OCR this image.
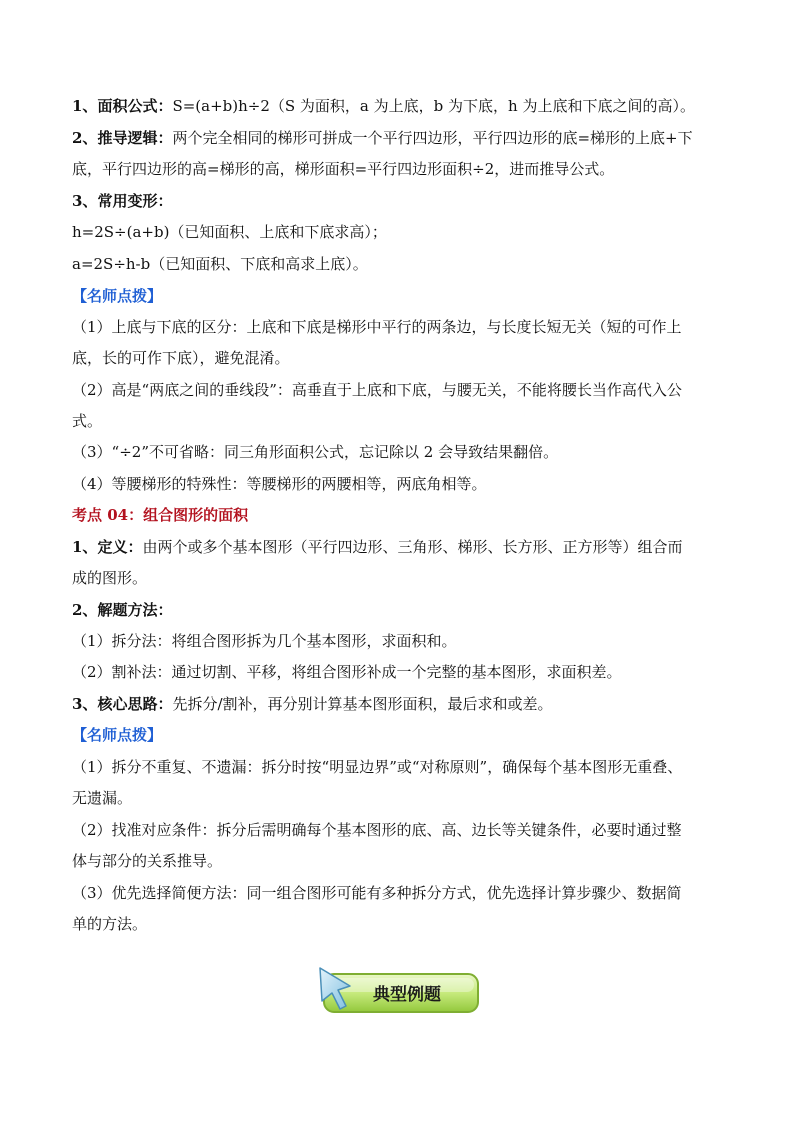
1、面积公式：S=(a+b)h÷2（S 为面积，a 为上底，b 为下底，h 为上底和下底之间的高）。
2、推导逻辑：两个完全相同的梯形可拼成一个平行四边形，平行四边形的底=梯形的上底+下
底，平行四边形的高=梯形的高，梯形面积=平行四边形面积÷2，进而推导公式。
3、常用变形：
h=2S÷(a+b)（已知面积、上底和下底求高）；
a=2S÷h-b（已知面积、下底和高求上底）。
【名师点拨】
（1）上底与下底的区分：上底和下底是梯形中平行的两条边，与长度长短无关（短的可作上
底，长的可作下底），避免混淆。
（2）高是“两底之间的垂线段”：高垂直于上底和下底，与腰无关，不能将腰长当作高代入公
式。
（3）“÷2”不可省略：同三角形面积公式，忘记除以 2 会导致结果翻倍。
（4）等腰梯形的特殊性：等腰梯形的两腰相等，两底角相等。
考点 04：组合图形的面积
1、定义：由两个或多个基本图形（平行四边形、三角形、梯形、长方形、正方形等）组合而
成的图形。
2、解题方法：
（1）拆分法：将组合图形拆为几个基本图形，求面积和。
（2）割补法：通过切割、平移，将组合图形补成一个完整的基本图形，求面积差。
3、核心思路：先拆分/割补，再分别计算基本图形面积，最后求和或差。
【名师点拨】
（1）拆分不重复、不遗漏：拆分时按“明显边界”或“对称原则”，确保每个基本图形无重叠、
无遗漏。
（2）找准对应条件：拆分后需明确每个基本图形的底、高、边长等关键条件，必要时通过整
体与部分的关系推导。
（3）优先选择简便方法：同一组合图形可能有多种拆分方式，优先选择计算步骤少、数据简
单的方法。
典型例题
